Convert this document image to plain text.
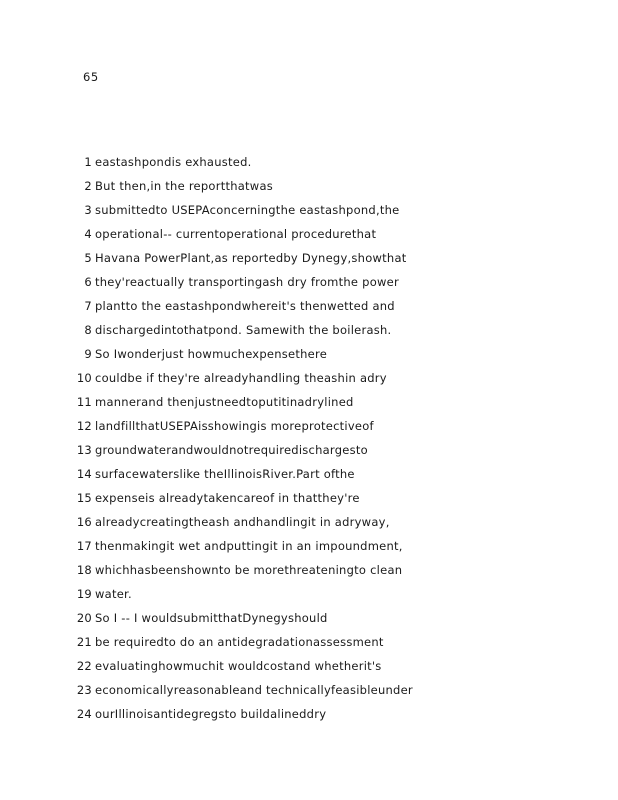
65
1 eastashpondis exhausted.
2But then,in the reportthatwas
3 submittedto USEPAconcerningthe eastashpond,the
4 operational-- currentoperational procedurethat
5 Havana PowerPlant,as reportedby Dynegy,showthat
6 they'reactually transportingash dry fromthe power
7 plantto the eastashpondwhereit's thenwetted and
8 dischargedintothatpond. Samewith the boilerash.
9 So Iwonderjust howmuchexpensethere
10 couldbe if they're alreadyhandling theashin adry
11 mannerand thenjustneedtoputitinadrylined
12 landfillthatUSEPAisshowingis moreprotectiveof
13 groundwaterandwouldnotrequiredischargesto
14 surfacewaterslike theIllinoisRiver.Part ofthe
15 expenseis alreadytakencareof in thatthey're
16 alreadycreatingtheash andhandlingit in adryway,
17 thenmakingit wet andputtingit in an impoundment,
18 whichhasbeenshownto be morethreateningto clean
19 water.
20 So I -- I wouldsubmitthatDynegyshould
21 be requiredto do an antidegradationassessment
22 evaluatinghowmuchit wouldcostand whetherit's
23 economicallyreasonableand technicallyfeasibleunder
24 ourIllinoisantidegregsto buildalineddry
